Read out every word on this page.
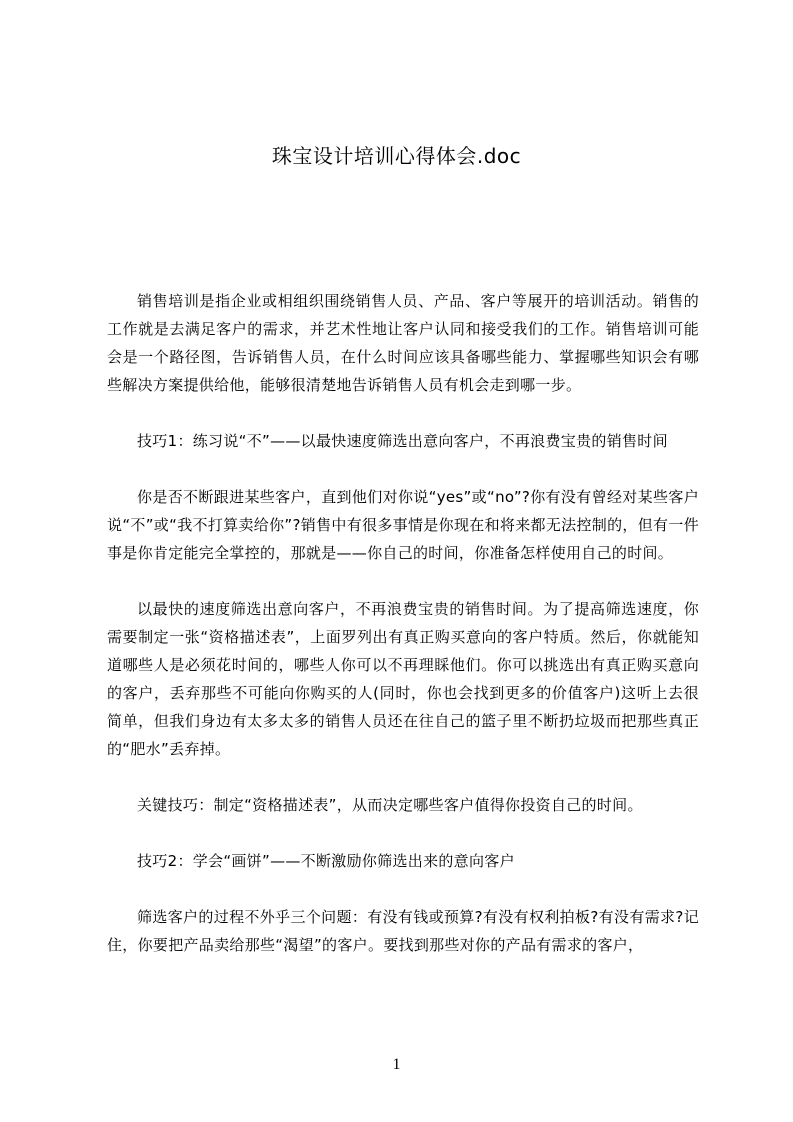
珠宝设计培训心得体会.doc

销售培训是指企业或相组织围绕销售人员、产品、客户等展开的培训活动。销售的工作就是去满足客户的需求，并艺术性地让客户认同和接受我们的工作。销售培训可能会是一个路径图，告诉销售人员，在什么时间应该具备哪些能力、掌握哪些知识会有哪些解决方案提供给他，能够很清楚地告诉销售人员有机会走到哪一步。

技巧1：练习说“不”——以最快速度筛选出意向客户，不再浪费宝贵的销售时间

你是否不断跟进某些客户，直到他们对你说“yes”或“no”?你有没有曾经对某些客户说“不”或“我不打算卖给你”?销售中有很多事情是你现在和将来都无法控制的，但有一件事是你肯定能完全掌控的，那就是——你自己的时间，你准备怎样使用自己的时间。

以最快的速度筛选出意向客户，不再浪费宝贵的销售时间。为了提高筛选速度，你需要制定一张“资格描述表”，上面罗列出有真正购买意向的客户特质。然后，你就能知道哪些人是必须花时间的，哪些人你可以不再理睬他们。你可以挑选出有真正购买意向的客户，丢弃那些不可能向你购买的人(同时，你也会找到更多的价值客户)这听上去很简单，但我们身边有太多太多的销售人员还在往自己的篮子里不断扔垃圾而把那些真正的“肥水”丢弃掉。

关键技巧：制定“资格描述表”，从而决定哪些客户值得你投资自己的时间。

技巧2：学会“画饼”——不断激励你筛选出来的意向客户

筛选客户的过程不外乎三个问题：有没有钱或预算?有没有权利拍板?有没有需求?记住，你要把产品卖给那些“渴望”的客户。要找到那些对你的产品有需求的客户，

1
